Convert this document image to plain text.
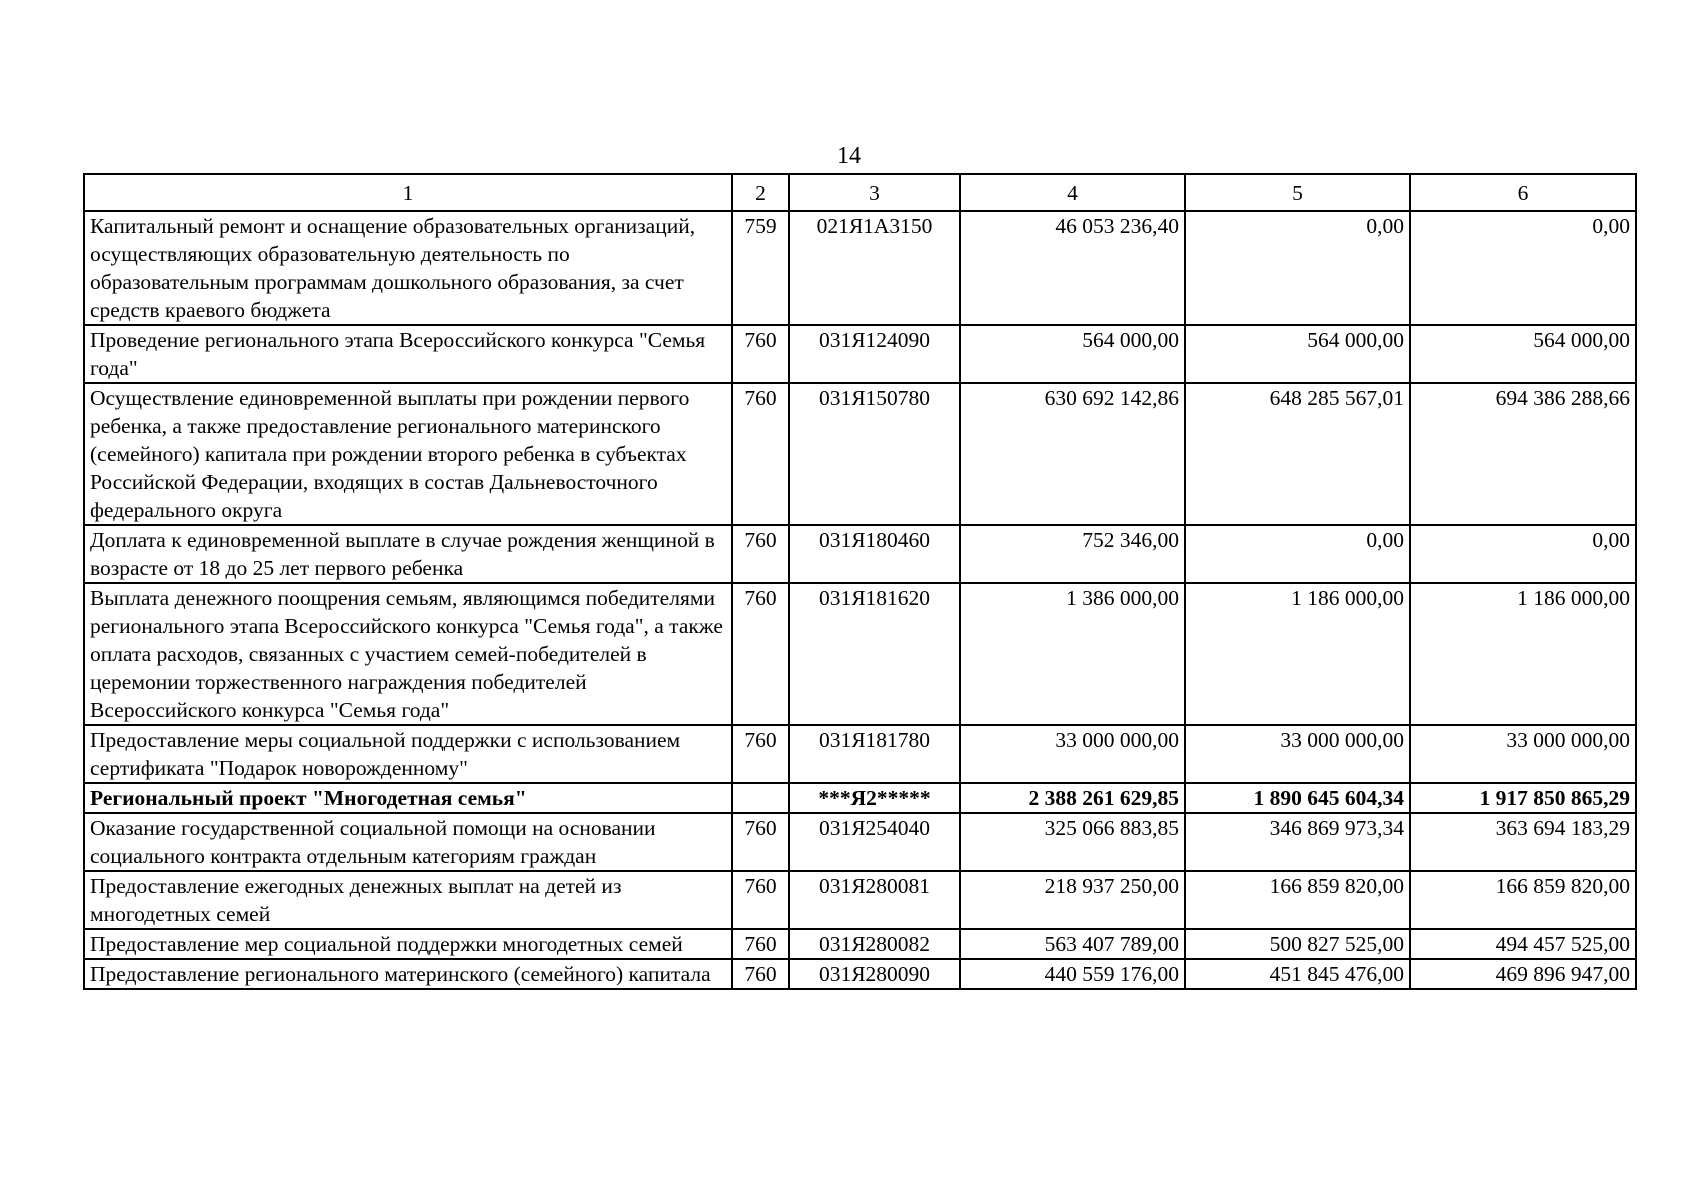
14
1	2	3	4	5	6
Капитальный ремонт и оснащение образовательных организаций, осуществляющих образовательную деятельность по образовательным программам дошкольного образования, за счет средств краевого бюджета	759	021Я1А3150	46 053 236,40	0,00	0,00
Проведение регионального этапа Всероссийского конкурса "Семья года"	760	031Я124090	564 000,00	564 000,00	564 000,00
Осуществление единовременной выплаты при рождении первого ребенка, а также предоставление регионального материнского (семейного) капитала при рождении второго ребенка в субъектах Российской Федерации, входящих в состав Дальневосточного федерального округа	760	031Я150780	630 692 142,86	648 285 567,01	694 386 288,66
Доплата к единовременной выплате в случае рождения женщиной в возрасте от 18 до 25 лет первого ребенка	760	031Я180460	752 346,00	0,00	0,00
Выплата денежного поощрения семьям, являющимся победителями регионального этапа Всероссийского конкурса "Семья года", а также оплата расходов, связанных с участием семей-победителей в церемонии торжественного награждения победителей Всероссийского конкурса "Семья года"	760	031Я181620	1 386 000,00	1 186 000,00	1 186 000,00
Предоставление меры социальной поддержки с использованием сертификата "Подарок новорожденному"	760	031Я181780	33 000 000,00	33 000 000,00	33 000 000,00
Региональный проект "Многодетная семья"		***Я2*****	2 388 261 629,85	1 890 645 604,34	1 917 850 865,29
Оказание государственной социальной помощи на основании социального контракта отдельным категориям граждан	760	031Я254040	325 066 883,85	346 869 973,34	363 694 183,29
Предоставление ежегодных денежных выплат на детей из многодетных семей	760	031Я280081	218 937 250,00	166 859 820,00	166 859 820,00
Предоставление мер социальной поддержки многодетных семей	760	031Я280082	563 407 789,00	500 827 525,00	494 457 525,00
Предоставление регионального материнского (семейного) капитала	760	031Я280090	440 559 176,00	451 845 476,00	469 896 947,00
